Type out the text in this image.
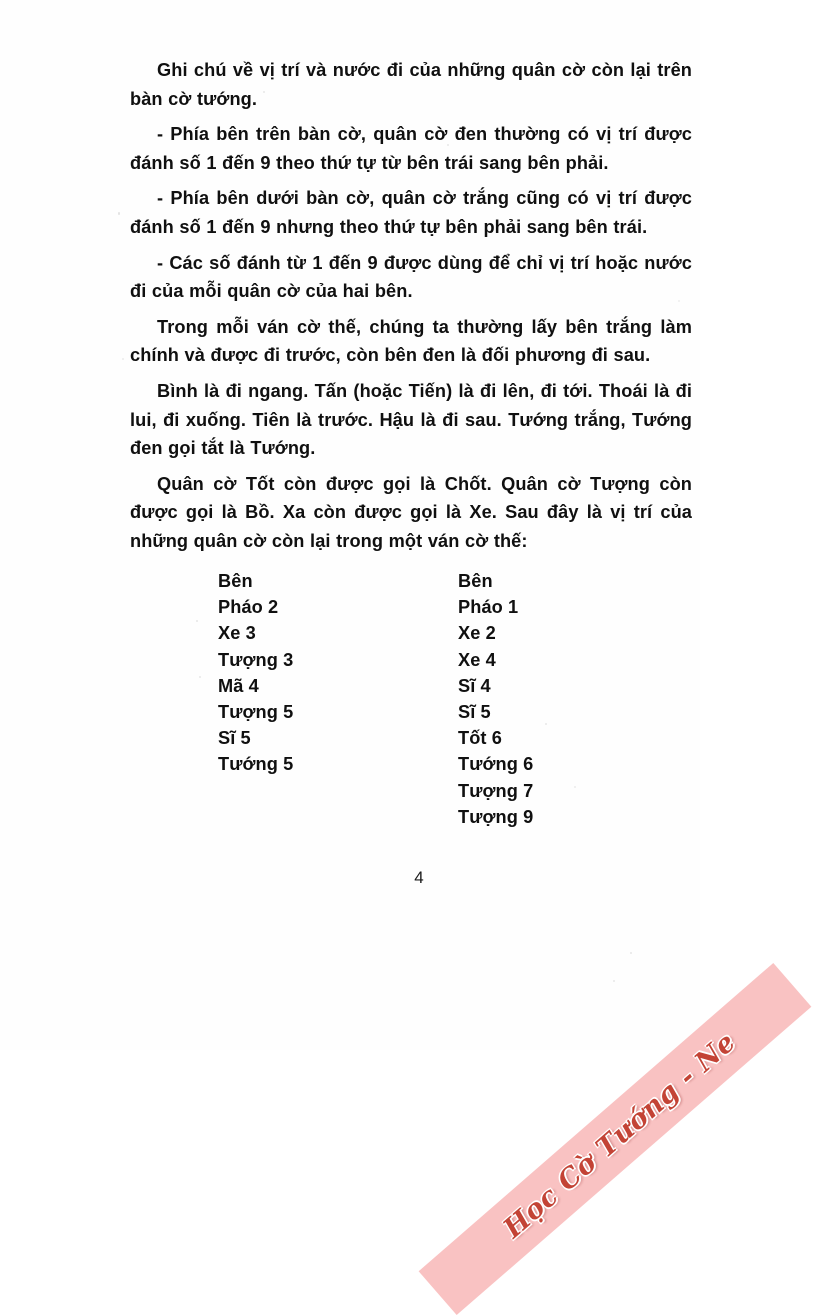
Ghi chú về vị trí và nước đi của những quân cờ còn lại trên bàn cờ tướng.

- Phía bên trên bàn cờ, quân cờ đen thường có vị trí được đánh số 1 đến 9 theo thứ tự từ bên trái sang bên phải.

- Phía bên dưới bàn cờ, quân cờ trắng cũng có vị trí được đánh số 1 đến 9 nhưng theo thứ tự bên phải sang bên trái.

- Các số đánh từ 1 đến 9 được dùng để chỉ vị trí hoặc nước đi của mỗi quân cờ của hai bên.

Trong mỗi ván cờ thế, chúng ta thường lấy bên trắng làm chính và được đi trước, còn bên đen là đối phương đi sau.

Bình là đi ngang. Tấn (hoặc Tiến) là đi lên, đi tới. Thoái là đi lui, đi xuống. Tiên là trước. Hậu là đi sau. Tướng trắng, Tướng đen gọi tắt là Tướng.

Quân cờ Tốt còn được gọi là Chốt. Quân cờ Tượng còn được gọi là Bồ. Xa còn được gọi là Xe. Sau đây là vị trí của những quân cờ còn lại trong một ván cờ thế:

Bên
Pháo 2
Xe 3
Tượng 3
Mã 4
Tượng 5
Sĩ 5
Tướng 5
Bên
Pháo 1
Xe 2
Xe 4
Sĩ 4
Sĩ 5
Tốt 6
Tướng 6
Tượng 7
Tượng 9
4
Học Cờ Tướng - Ne
